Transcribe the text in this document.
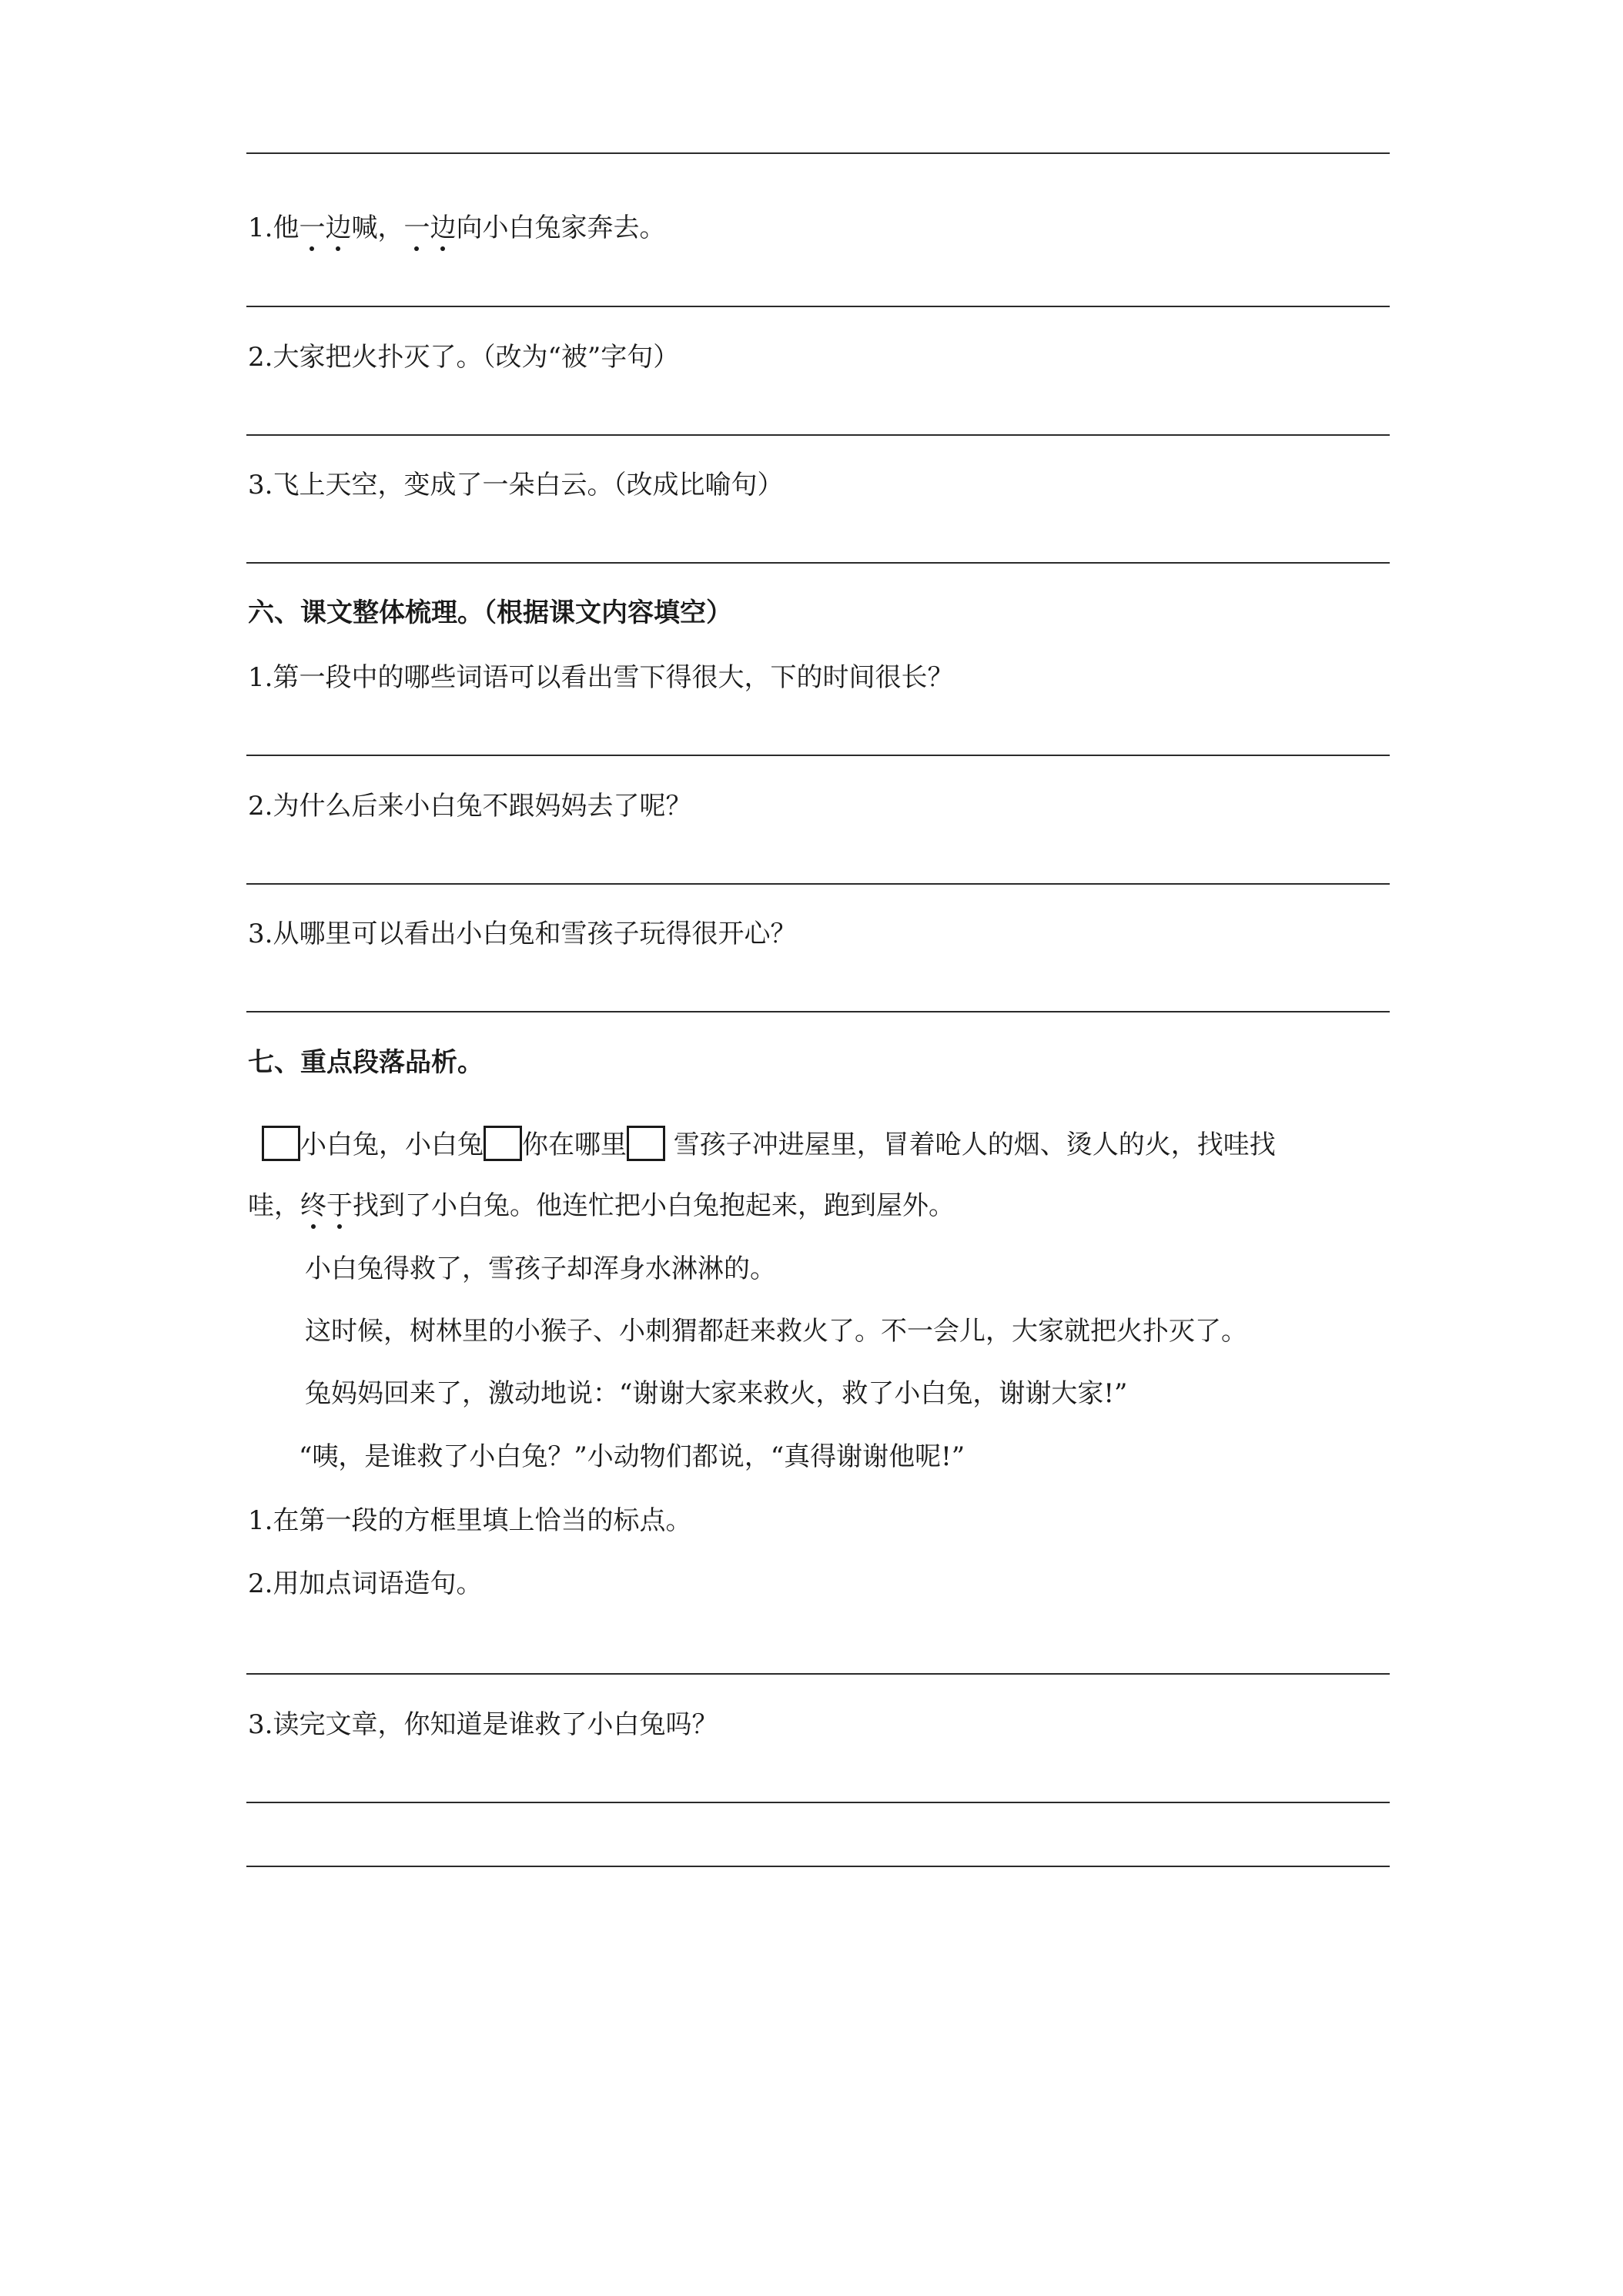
1.他一边喊，一边向小白兔家奔去。
2.大家把火扑灭了。（改为“被”字句）
3.飞上天空，变成了一朵白云。（改成比喻句）
六、课文整体梳理。（根据课文内容填空）
1.第一段中的哪些词语可以看出雪下得很大，下的时间很长？
2.为什么后来小白兔不跟妈妈去了呢？
3.从哪里可以看出小白兔和雪孩子玩得很开心？
七、重点段落品析。
小白兔，小白兔 你在哪里 雪孩子冲进屋里，冒着呛人的烟、烫人的火，找哇找
哇，终于找到了小白兔。他连忙把小白兔抱起来，跑到屋外。
小白兔得救了，雪孩子却浑身水淋淋的。
这时候，树林里的小猴子、小刺猬都赶来救火了。不一会儿，大家就把火扑灭了。
兔妈妈回来了，激动地说：“谢谢大家来救火，救了小白兔，谢谢大家!”
“咦，是谁救了小白兔？”小动物们都说，“真得谢谢他呢!”
1.在第一段的方框里填上恰当的标点。
2.用加点词语造句。
3.读完文章，你知道是谁救了小白兔吗？
